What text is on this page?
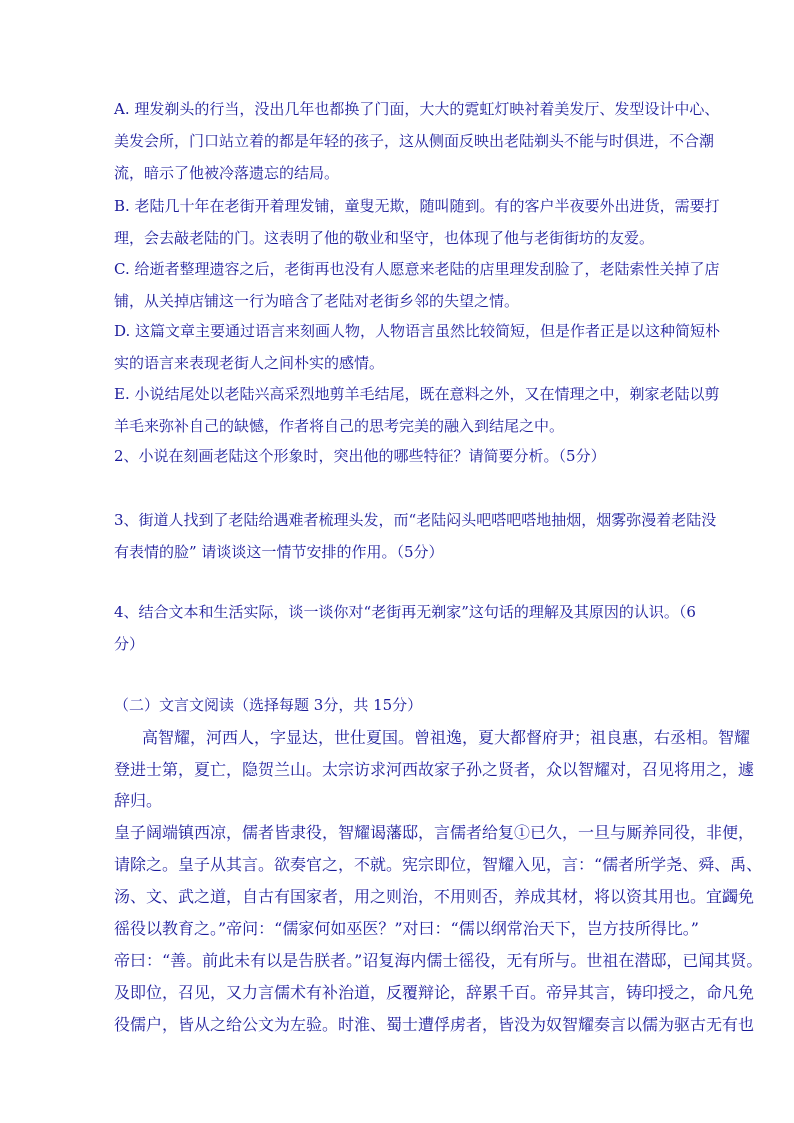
A. 理发剃头的行当，没出几年也都换了门面，大大的霓虹灯映衬着美发厅、发型设计中心、
美发会所，门口站立着的都是年轻的孩子，这从侧面反映出老陆剃头不能与时俱进，不合潮
流，暗示了他被冷落遗忘的结局。
B. 老陆几十年在老街开着理发铺，童叟无欺，随叫随到。有的客户半夜要外出进货，需要打
理，会去敲老陆的门。这表明了他的敬业和坚守，也体现了他与老街街坊的友爱。
C. 给逝者整理遗容之后，老街再也没有人愿意来老陆的店里理发刮脸了，老陆索性关掉了店
铺，从关掉店铺这一行为暗含了老陆对老街乡邻的失望之情。
D. 这篇文章主要通过语言来刻画人物，人物语言虽然比较简短，但是作者正是以这种简短朴
实的语言来表现老街人之间朴实的感情。
E. 小说结尾处以老陆兴高采烈地剪羊毛结尾，既在意料之外，又在情理之中，剃家老陆以剪
羊毛来弥补自己的缺憾，作者将自己的思考完美的融入到结尾之中。
2、小说在刻画老陆这个形象时，突出他的哪些特征？请简要分析。（5分）
3、街道人找到了老陆给遇难者梳理头发，而“老陆闷头吧嗒吧嗒地抽烟，烟雾弥漫着老陆没
有表情的脸” 请谈谈这一情节安排的作用。（5分）
4、结合文本和生活实际，谈一谈你对“老街再无剃家”这句话的理解及其原因的认识。（6
分）
（二）文言文阅读（选择每题 3分，共 15分）
高智耀，河西人，字显达，世仕夏国。曾祖逸，夏大都督府尹；祖良惠，右丞相。智耀
登进士第，夏亡，隐贺兰山。太宗访求河西故家子孙之贤者，众以智耀对，召见将用之，遽
辞归。
皇子阔端镇西凉，儒者皆隶役，智耀谒藩邸，言儒者给复①已久，一旦与厮养同役，非便，
请除之。皇子从其言。欲奏官之，不就。宪宗即位，智耀入见，言：“儒者所学尧、舜、禹、
汤、文、武之道，自古有国家者，用之则治，不用则否，养成其材，将以资其用也。宜蠲免
徭役以教育之。”帝问：“儒家何如巫医？”对曰：“儒以纲常治天下，岂方技所得比。”
帝曰：“善。前此未有以是告朕者。”诏复海内儒士徭役，无有所与。世祖在潜邸，已闻其贤。
及即位，召见，又力言儒术有补治道，反覆辩论，辞累千百。帝异其言，铸印授之，命凡免
役儒户，皆从之给公文为左验。时淮、蜀士遭俘虏者，皆没为奴智耀奏言以儒为驱古无有也
